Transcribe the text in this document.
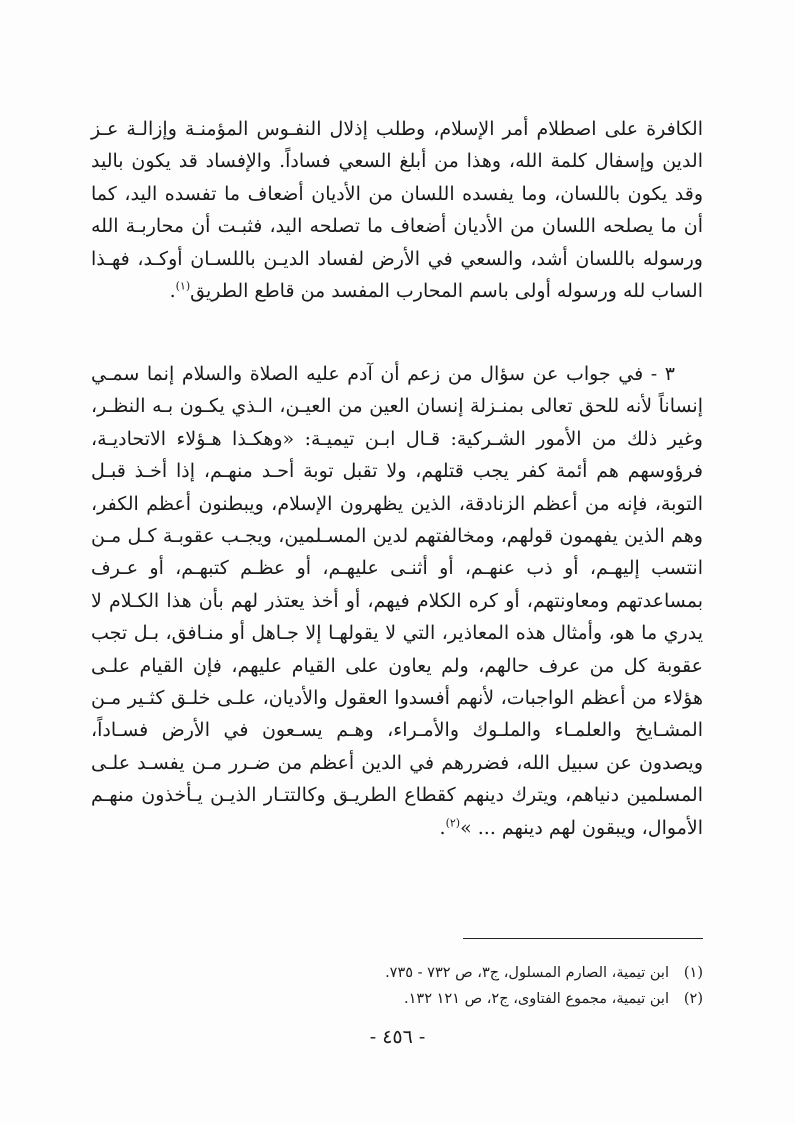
الكافرة على اصطلام أمر الإسلام، وطلب إذلال النفـوس المؤمنـة وإزالـة عـز الدين وإسفال كلمة الله، وهذا من أبلغ السعي فساداً. والإفساد قد يكون باليد وقد يكون باللسان، وما يفسده اللسان من الأديان أضعاف ما تفسده اليد، كما أن ما يصلحه اللسان من الأديان أضعاف ما تصلحه اليد، فثبـت أن محاربـة الله ورسوله باللسان أشد، والسعي في الأرض لفساد الديـن باللسـان أوكـد، فهـذا الساب لله ورسوله أولى باسم المحارب المفسد من قاطع الطريق$^{(١)}$.

٣ - في جواب عن سؤال من زعم أن آدم عليه الصلاة والسلام إنما سمـي إنساناً لأنه للحق تعالى بمنـزلة إنسان العين من العيـن، الـذي يكـون بـه النظـر، وغير ذلك من الأمور الشـركية: قـال ابـن تيميـة: «وهكـذا هـؤلاء الاتحاديـة، فرؤوسهم هم أئمة كفر يجب قتلهم، ولا تقبل توبة أحـد منهـم، إذا أخـذ قبـل التوبة، فإنه من أعظم الزنادقة، الذين يظهرون الإسلام، ويبطنون أعظم الكفر، وهم الذين يفهمون قولهم، ومخالفتهم لدين المسـلمين، ويجـب عقوبـة كـل مـن انتسب إليهـم، أو ذب عنهـم، أو أثنـى عليهـم، أو عظـم كتبهـم، أو عـرف بمساعدتهم ومعاونتهم، أو كره الكلام فيهم، أو أخذ يعتذر لهم بأن هذا الكـلام لا يدري ما هو، وأمثال هذه المعاذير، التي لا يقولهـا إلا جـاهل أو منـافق، بـل تجب عقوبة كل من عرف حالهم، ولم يعاون على القيام عليهم، فإن القيام علـى هؤلاء من أعظم الواجبات، لأنهم أفسدوا العقول والأديان، علـى خلـق كثـير مـن المشـايخ والعلمـاء والملـوك والأمـراء، وهـم يسـعون في الأرض فسـاداً، ويصدون عن سبيل الله، فضررهم في الدين أعظم من ضـرر مـن يفسـد علـى المسلمين دنياهم، ويترك دينهم كقطاع الطريـق وكالتتـار الذيـن يـأخذون منهـم الأموال، ويبقون لهم دينهم ... »$^{(٢)}$.

(١)
ابن تيمية، الصارم المسلول، ج٣، ص ٧٣٢ - ٧٣٥.
(٢)
ابن تيمية، مجموع الفتاوى، ج٢، ص ١٢١ ١٣٢.
- ٤٥٦ -
